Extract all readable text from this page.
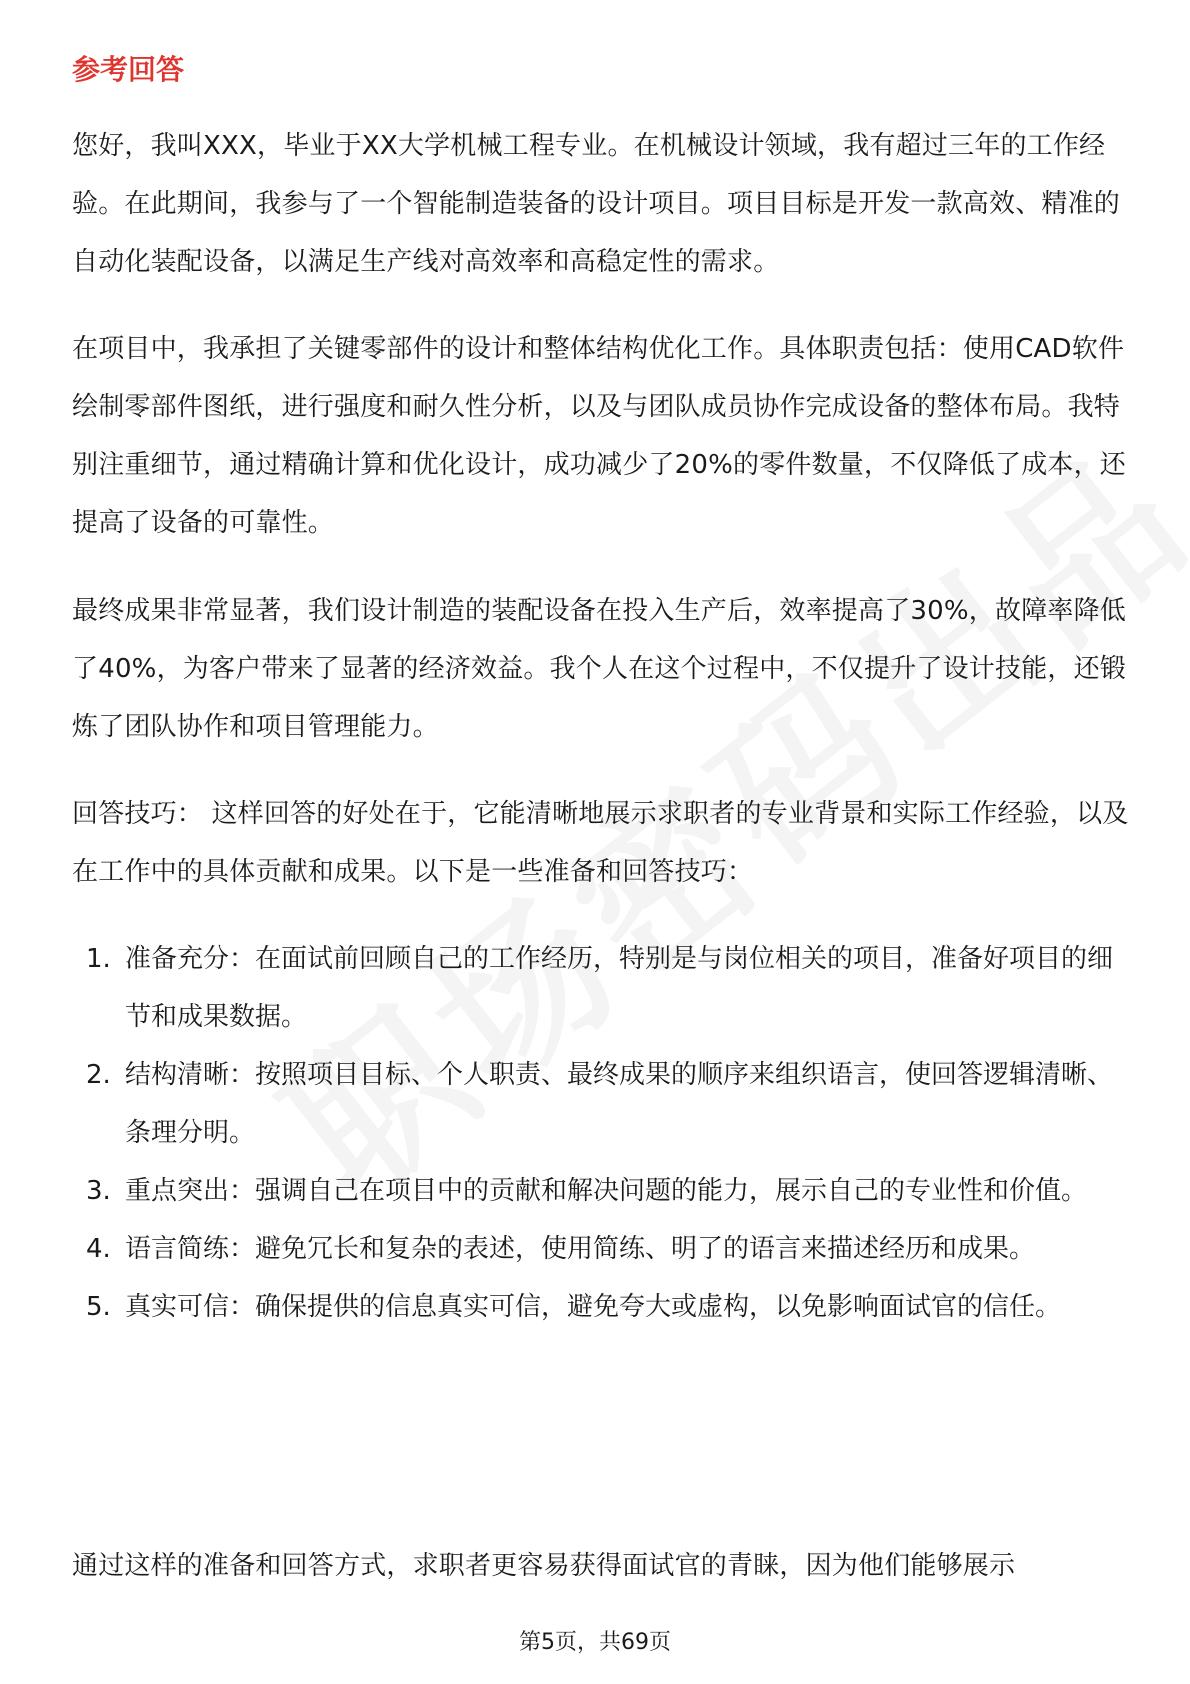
参考回答

您好，我叫XXX，毕业于XX大学机械工程专业。在机械设计领域，我有超过三年的工作经验。在此期间，我参与了一个智能制造装备的设计项目。项目目标是开发一款高效、精准的自动化装配设备，以满足生产线对高效率和高稳定性的需求。

在项目中，我承担了关键零部件的设计和整体结构优化工作。具体职责包括：使用CAD软件绘制零部件图纸，进行强度和耐久性分析，以及与团队成员协作完成设备的整体布局。我特别注重细节，通过精确计算和优化设计，成功减少了20%的零件数量，不仅降低了成本，还提高了设备的可靠性。

最终成果非常显著，我们设计制造的装配设备在投入生产后，效率提高了30%，故障率降低了40%，为客户带来了显著的经济效益。我个人在这个过程中，不仅提升了设计技能，还锻炼了团队协作和项目管理能力。

回答技巧： 这样回答的好处在于，它能清晰地展示求职者的专业背景和实际工作经验，以及在工作中的具体贡献和成果。以下是一些准备和回答技巧：

1. 准备充分：在面试前回顾自己的工作经历，特别是与岗位相关的项目，准备好项目的细节和成果数据。
2. 结构清晰：按照项目目标、个人职责、最终成果的顺序来组织语言，使回答逻辑清晰、条理分明。
3. 重点突出：强调自己在项目中的贡献和解决问题的能力，展示自己的专业性和价值。
4. 语言简练：避免冗长和复杂的表述，使用简练、明了的语言来描述经历和成果。
5. 真实可信：确保提供的信息真实可信，避免夸大或虚构，以免影响面试官的信任。

通过这样的准备和回答方式，求职者更容易获得面试官的青睐，因为他们能够展示

第5页，共69页
